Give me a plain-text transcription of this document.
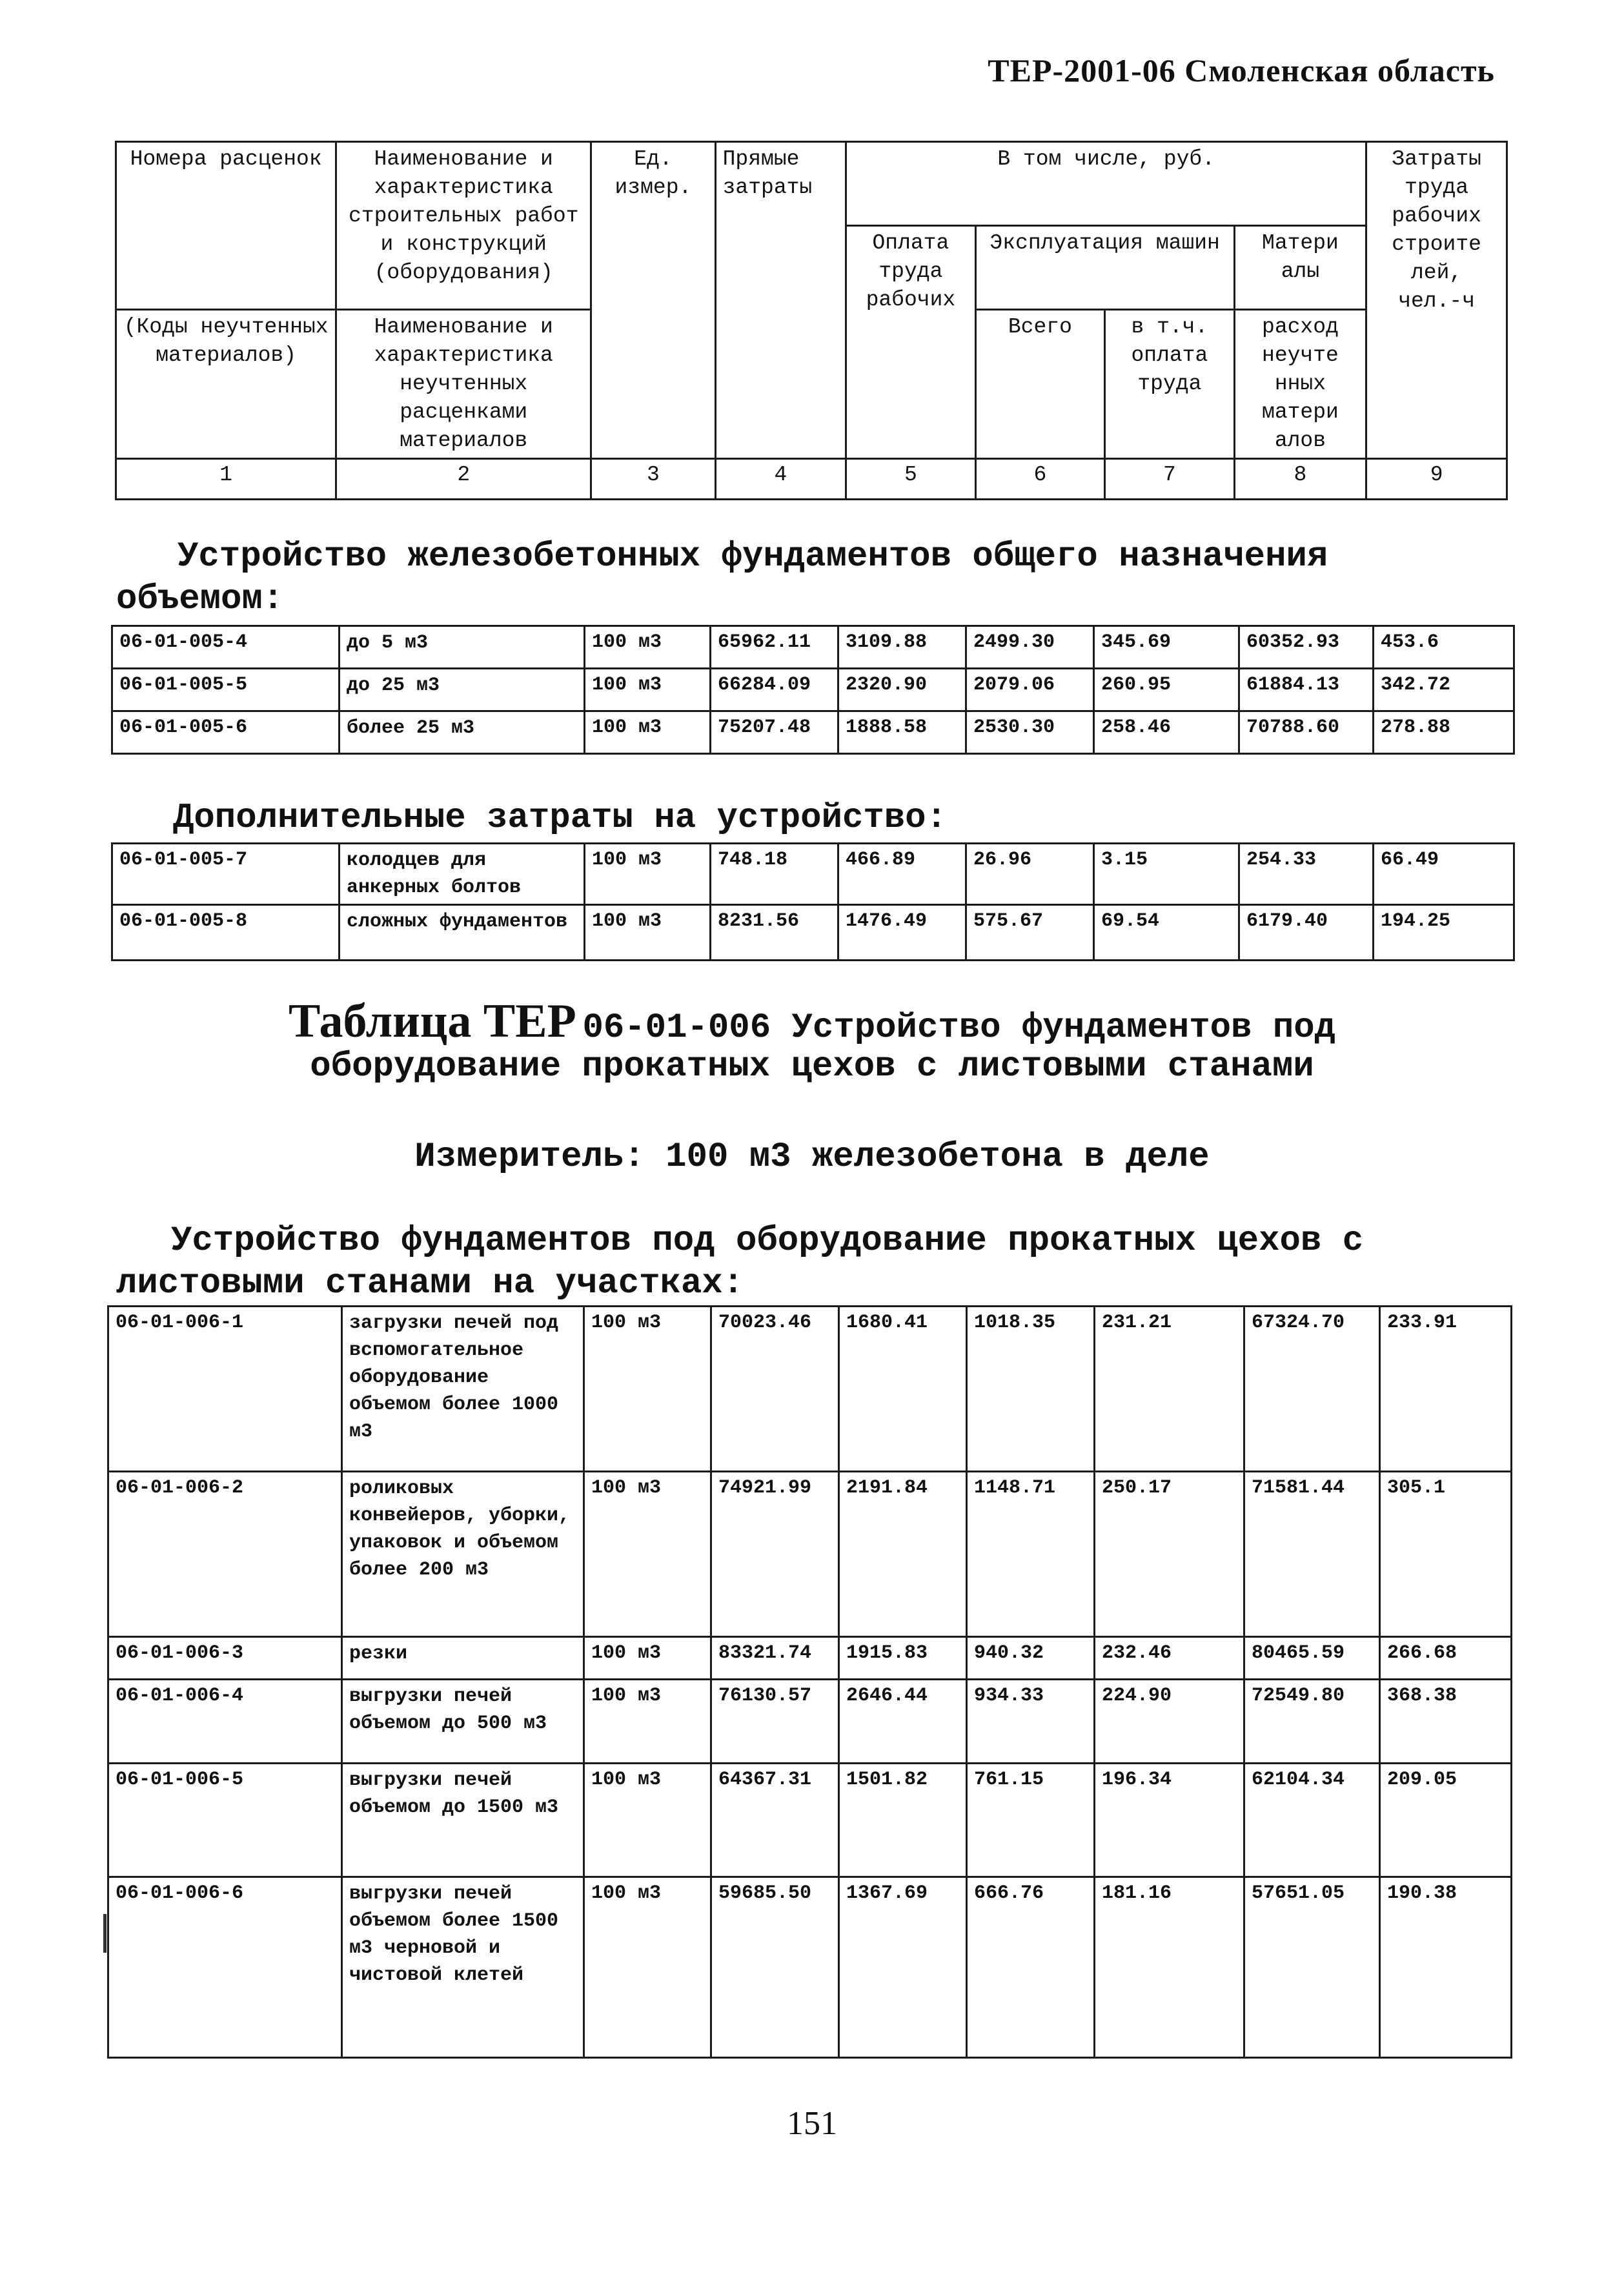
ТЕР-2001-06 Смоленская область
Номера расценок	Наименование и характеристика строительных работ и конструкций (оборудования)	Ед. измер.	Прямые затраты	В том числе, руб.				Затраты труда рабочих строите лей, чел.-ч
				Оплата труда рабочих	Эксплуатация машин		Матери алы	
(Коды неучтенных материалов)	Наименование и характеристика неучтенных расценками материалов				Всего	в т.ч. оплата труда	расход неучте нных матери алов	
1	2	3	4	5	6	7	8	9
Устройство железобетонных фундаментов общего назначения объемом:
06-01-005-4	до 5 м3	100 м3	65962.11	3109.88	2499.30	345.69	60352.93	453.6
06-01-005-5	до 25 м3	100 м3	66284.09	2320.90	2079.06	260.95	61884.13	342.72
06-01-005-6	более 25 м3	100 м3	75207.48	1888.58	2530.30	258.46	70788.60	278.88
Дополнительные затраты на устройство:
06-01-005-7	колодцев для анкерных болтов	100 м3	748.18	466.89	26.96	3.15	254.33	66.49
06-01-005-8	сложных фундаментов	100 м3	8231.56	1476.49	575.67	69.54	6179.40	194.25
Таблица ТЕР 06-01-006 Устройство фундаментов под
оборудование прокатных цехов с листовыми станами
Измеритель: 100 м3 железобетона в деле
Устройство фундаментов под оборудование прокатных цехов с листовыми станами на участках:
06-01-006-1	загрузки печей под вспомогательное оборудование объемом более 1000 м3	100 м3	70023.46	1680.41	1018.35	231.21	67324.70	233.91
06-01-006-2	роликовых конвейеров, уборки, упаковок и объемом более 200 м3	100 м3	74921.99	2191.84	1148.71	250.17	71581.44	305.1
06-01-006-3	резки	100 м3	83321.74	1915.83	940.32	232.46	80465.59	266.68
06-01-006-4	выгрузки печей объемом до 500 м3	100 м3	76130.57	2646.44	934.33	224.90	72549.80	368.38
06-01-006-5	выгрузки печей объемом до 1500 м3	100 м3	64367.31	1501.82	761.15	196.34	62104.34	209.05
06-01-006-6	выгрузки печей объемом более 1500 м3 черновой и чистовой клетей	100 м3	59685.50	1367.69	666.76	181.16	57651.05	190.38
151
